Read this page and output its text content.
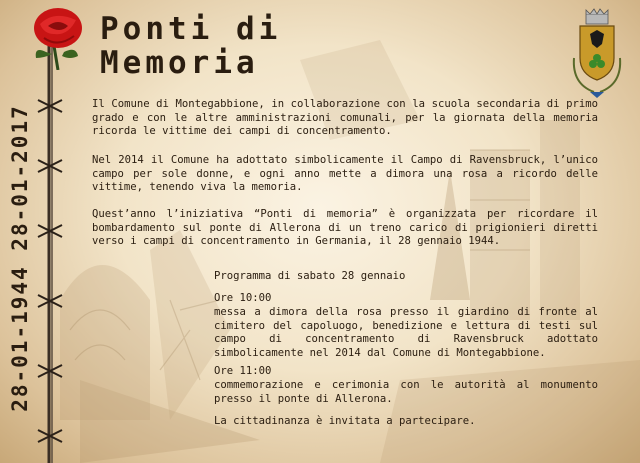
Ponti di
Memoria
28-01-1944 28-01-2017

Il Comune di Montegabbione, in collaborazione con la scuola secondaria di primo grado e con le altre amministrazioni comunali, per la giornata della memoria ricorda le vittime dei campi di concentramento.

Nel 2014 il Comune ha adottato simbolicamente il Campo di Ravensbruck, l’unico campo per sole donne, e ogni anno mette a dimora una rosa a ricordo delle vittime, tenendo viva la memoria.

Quest’anno l’iniziativa “Ponti di memoria” è organizzata per ricordare il bombardamento sul ponte di Allerona di un treno carico di prigionieri diretti verso i campi di concentramento in Germania, il 28 gennaio 1944.

Programma di sabato 28 gennaio
Ore 10:00
messa a dimora della rosa presso il giardino di fronte al cimitero del capoluogo, benedizione e lettura di testi sul campo di concentramento di Ravensbruck adottato simbolicamente nel 2014 dal Comune di Montegabbione.
Ore 11:00
commemorazione e cerimonia con le autorità al monumento presso il ponte di Allerona.
La cittadinanza è invitata a partecipare.
